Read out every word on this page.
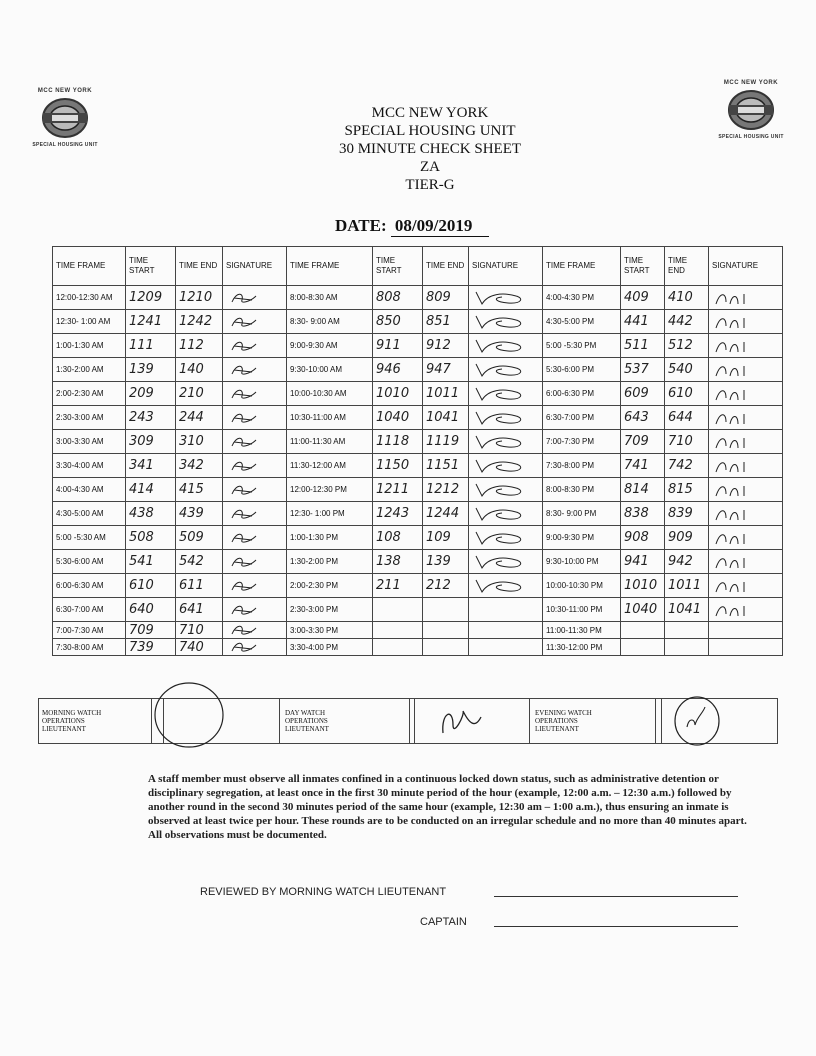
MCC NEW YORK
SPECIAL HOUSING UNIT
MCC NEW YORK
SPECIAL HOUSING UNIT
MCC NEW YORK
SPECIAL HOUSING UNIT
30 MINUTE CHECK SHEET
ZA
TIER-G
DATE: 08/09/2019
TIME FRAME	TIME START	TIME END	SIGNATURE	TIME FRAME	TIME START	TIME END	SIGNATURE	TIME FRAME	TIME START	TIME END	SIGNATURE
12:00-12:30 AM	1209	1210		8:00-8:30 AM	808	809		4:00-4:30 PM	409	410	

12:30- 1:00 AM	1241	1242		8:30- 9:00 AM	850	851		4:30-5:00 PM	441	442	

1:00-1:30 AM	111	112		9:00-9:30 AM	911	912		5:00 -5:30 PM	511	512	

1:30-2:00 AM	139	140		9:30-10:00 AM	946	947		5:30-6:00 PM	537	540	

2:00-2:30 AM	209	210		10:00-10:30 AM	1010	1011		6:00-6:30 PM	609	610	

2:30-3:00 AM	243	244		10:30-11:00 AM	1040	1041		6:30-7:00 PM	643	644	

3:00-3:30 AM	309	310		11:00-11:30 AM	1118	1119		7:00-7:30 PM	709	710	

3:30-4:00 AM	341	342		11:30-12:00 AM	1150	1151		7:30-8:00 PM	741	742	

4:00-4:30 AM	414	415		12:00-12:30 PM	1211	1212		8:00-8:30 PM	814	815	

4:30-5:00 AM	438	439		12:30- 1:00 PM	1243	1244		8:30- 9:00 PM	838	839	

5:00 -5:30 AM	508	509		1:00-1:30 PM	108	109		9:00-9:30 PM	908	909	

5:30-6:00 AM	541	542		1:30-2:00 PM	138	139		9:30-10:00 PM	941	942	

6:00-6:30 AM	610	611		2:00-2:30 PM	211	212		10:00-10:30 PM	1010	1011	

6:30-7:00 AM	640	641		2:30-3:00 PM				10:30-11:00 PM	1040	1041	

7:00-7:30 AM	709	710		3:00-3:30 PM				11:00-11:30 PM			
7:30-8:00 AM	739	740		3:30-4:00 PM				11:30-12:00 PM			
MORNING WATCH OPERATIONS LIEUTENANT
DAY WATCH OPERATIONS LIEUTENANT
EVENING WATCH OPERATIONS LIEUTENANT
A staff member must observe all inmates confined in a continuous locked down status, such as administrative detention or disciplinary segregation, at least once in the first 30 minute period of the hour (example, 12:00 a.m. – 12:30 a.m.) followed by another round in the second 30 minutes period of the same hour (example, 12:30 am – 1:00 a.m.), thus ensuring an inmate is observed at least twice per hour. These rounds are to be conducted on an irregular schedule and no more than 40 minutes apart. All observations must be documented.
REVIEWED BY MORNING WATCH LIEUTENANT
CAPTAIN
